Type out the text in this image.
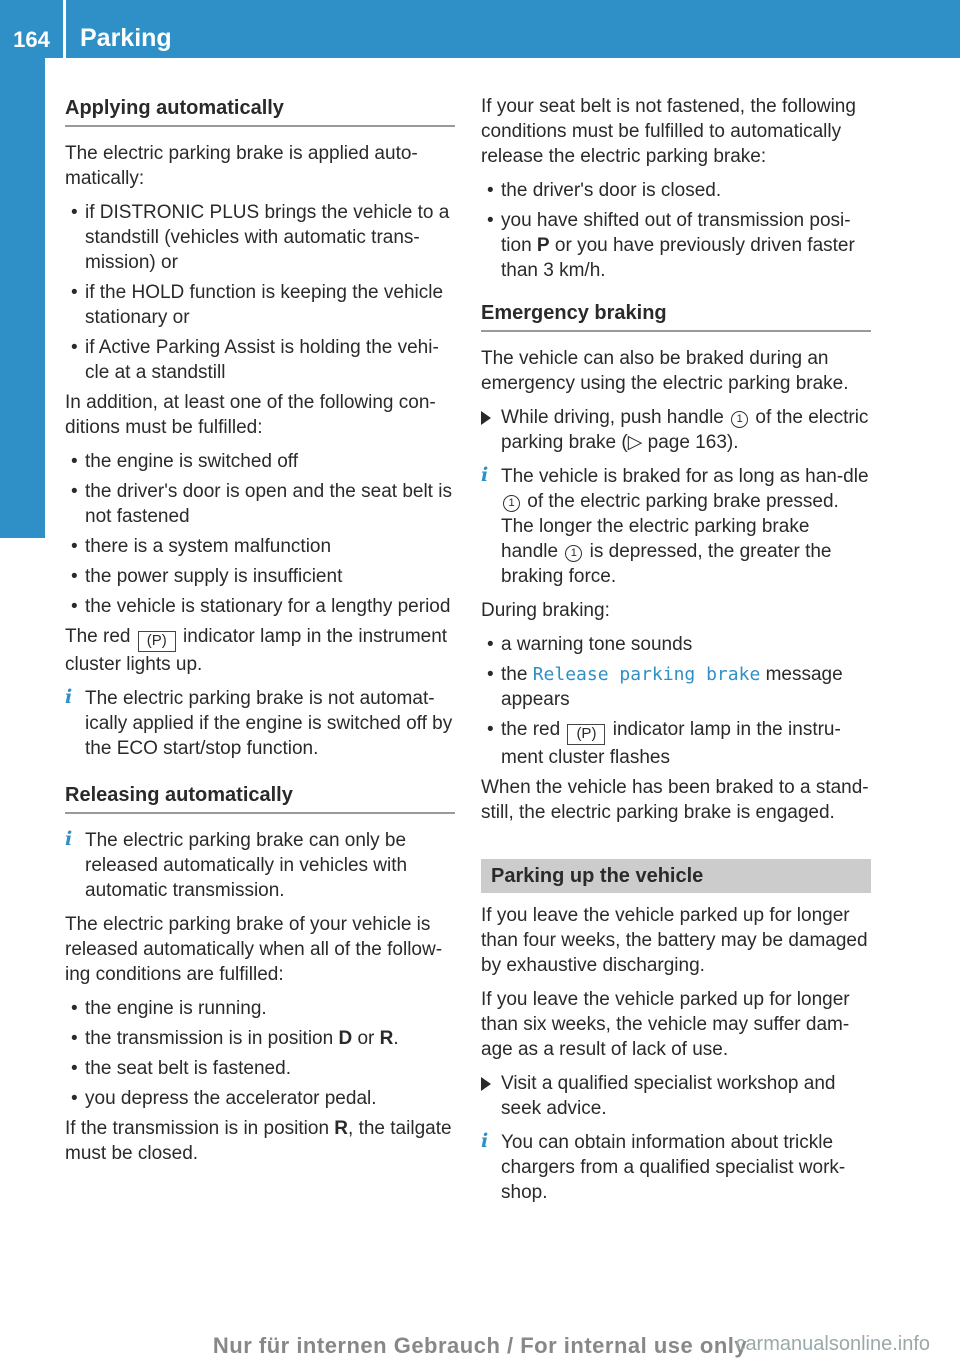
164	Parking
Driving and parking
Applying automatically

The electric parking brake is applied auto-matically:

• if DISTRONIC PLUS brings the vehicle to a standstill (vehicles with automatic trans-mission) or
• if the HOLD function is keeping the vehicle stationary or
• if Active Parking Assist is holding the vehi-cle at a standstill

In addition, at least one of the following con-ditions must be fulfilled:

• the engine is switched off
• the driver's door is open and the seat belt is not fastened
• there is a system malfunction
• the power supply is insufficient
• the vehicle is stationary for a lengthy period

The red (P) indicator lamp in the instrument cluster lights up.

i The electric parking brake is not automat-ically applied if the engine is switched off by the ECO start/stop function.
Releasing automatically
i The electric parking brake can only be released automatically in vehicles with automatic transmission.

The electric parking brake of your vehicle is released automatically when all of the follow-ing conditions are fulfilled:

• the engine is running.
• the transmission is in position D or R.
• the seat belt is fastened.
• you depress the accelerator pedal.

If the transmission is in position R, the tailgate must be closed.

If your seat belt is not fastened, the following conditions must be fulfilled to automatically release the electric parking brake:

• the driver's door is closed.
• you have shifted out of transmission posi-tion P or you have previously driven faster than 3 km/h.
Emergency braking

The vehicle can also be braked during an emergency using the electric parking brake.

While driving, push handle 1 of the electric parking brake (▷ page 163).
i The vehicle is braked for as long as han-dle 1 of the electric parking brake pressed. The longer the electric parking brake handle 1 is depressed, the greater the braking force.

During braking:

• a warning tone sounds
• the Release parking brake message appears
• the red (P) indicator lamp in the instru-ment cluster flashes

When the vehicle has been braked to a stand-still, the electric parking brake is engaged.

Parking up the vehicle

If you leave the vehicle parked up for longer than four weeks, the battery may be damaged by exhaustive discharging.

If you leave the vehicle parked up for longer than six weeks, the vehicle may suffer dam-age as a result of lack of use.

Visit a qualified specialist workshop and seek advice.
i You can obtain information about trickle chargers from a qualified specialist work-shop.
Nur für internen Gebrauch / For internal use only
carmanualsonline.info
